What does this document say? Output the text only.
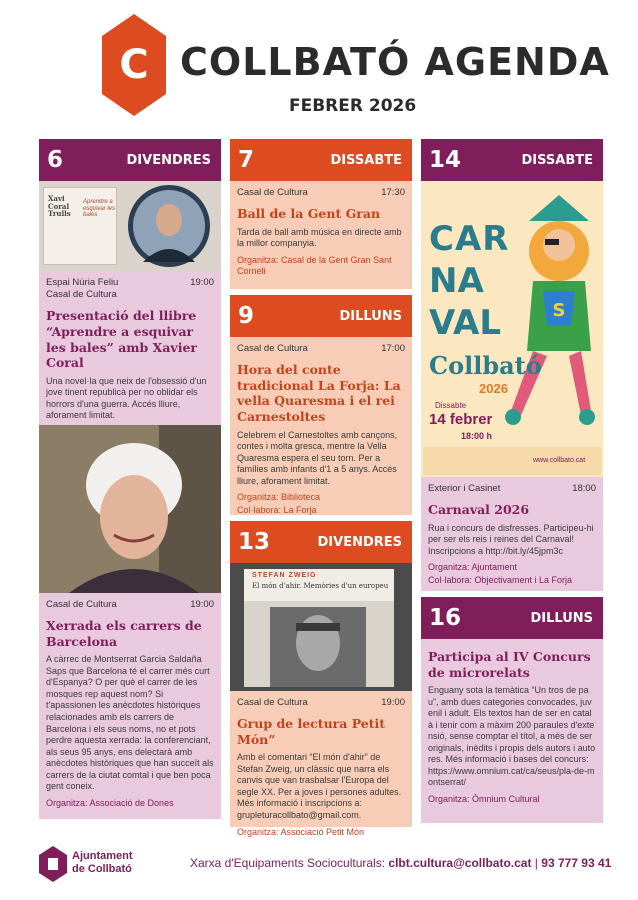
C COLLBATÓ AGENDA
FEBRER 2026
6	DIVENDRES
Xavi Coral Trulls
Aprendre a esquivar les bales
Espai Núria Feliu
Casal de Cultura
19:00
Presentació del llibre “Aprendre a esquivar les bales” amb Xavier Coral
Una novel·la que neix de l'obsessió d'un jove tinent republicà per no oblidar els horrors d'una guerra. Accés lliure, aforament limitat.
Casal de Cultura	19:00
Xerrada els carrers de Barcelona
A càrrec de Montserrat Garcia Saldaña Saps que Barcelona té el carrer més curt d'Espanya? O per què el carrer de les mosques rep aquest nom? Si t'apassionen les anècdotes històriques relacionades amb els carrers de Barcelona i els seus noms, no et pots perdre aquesta xerrada: la conferenciant, als seus 95 anys, ens delectarà amb anècdotes històriques que han succeït als carrers de la ciutat comtal i que ben poca gent coneix.
Organitza: Associació de Dones
7	DISSABTE
Casal de Cultura	17:30
Ball de la Gent Gran
Tarda de ball amb música en directe amb la millor companyia.
Organitza: Casal de la Gent Gran Sant Corneli
9	DILLUNS
Casal de Cultura	17:00
Hora del conte tradicional La Forja: La vella Quaresma i el rei Carnestoltes
Celebrem el Carnestoltes amb cançons, contes i molta gresca, mentre la Vella Quaresma espera el seu torn. Per a famílies amb infants d'1 a 5 anys. Accés lliure, aforament limitat.
Organitza: Biblioteca
Col·labora: La Forja
13	DIVENDRES
STEFAN ZWEIG
El món d'ahir. Memòries d'un europeu
Casal de Cultura	19:00
Grup de lectura Petit Món”
Amb el comentari “El món d'ahir” de Stefan Zweig, un clàssic que narra els canvis que van trasbalsar l'Europa del segle XX. Per a joves i persones adultes. Més informació i inscripcions a: grupleturacollbato@gmail.com.
Organitza: Associació Petit Món
14	DISSABTE
S
CAR
NA
VAL
Collbató
2026
Dissabte
14 febrer
18:00 h
www.collbato.cat
Exterior i Casinet	18:00
Carnaval 2026
Rua i concurs de disfresses. Participeu-hi per ser els reis i reines del Carnaval! Inscripcions a http://bit.ly/45jpm3c
Organitza: Ajuntament
Col·labora: Objectivament i La Forja
16	DILLUNS
Participa al IV Concurs de microrelats
Enguany sota la temàtica “Un tros de pau”, amb dues categories convocades, juvenil i adult. Els textos han de ser en català i tenir com a màxim 200 paraules d'extensió, sense comptar el títol, a més de ser originals, inèdits i propis dels autors i autores. Més informació i bases del concurs: https://www.omnium.cat/ca/seus/pla-de-montserrat/
Organitza: Òmnium Cultural
Ajuntament
de Collbató	Xarxa d'Equipaments Socioculturals: clbt.cultura@collbato.cat | 93 777 93 41
